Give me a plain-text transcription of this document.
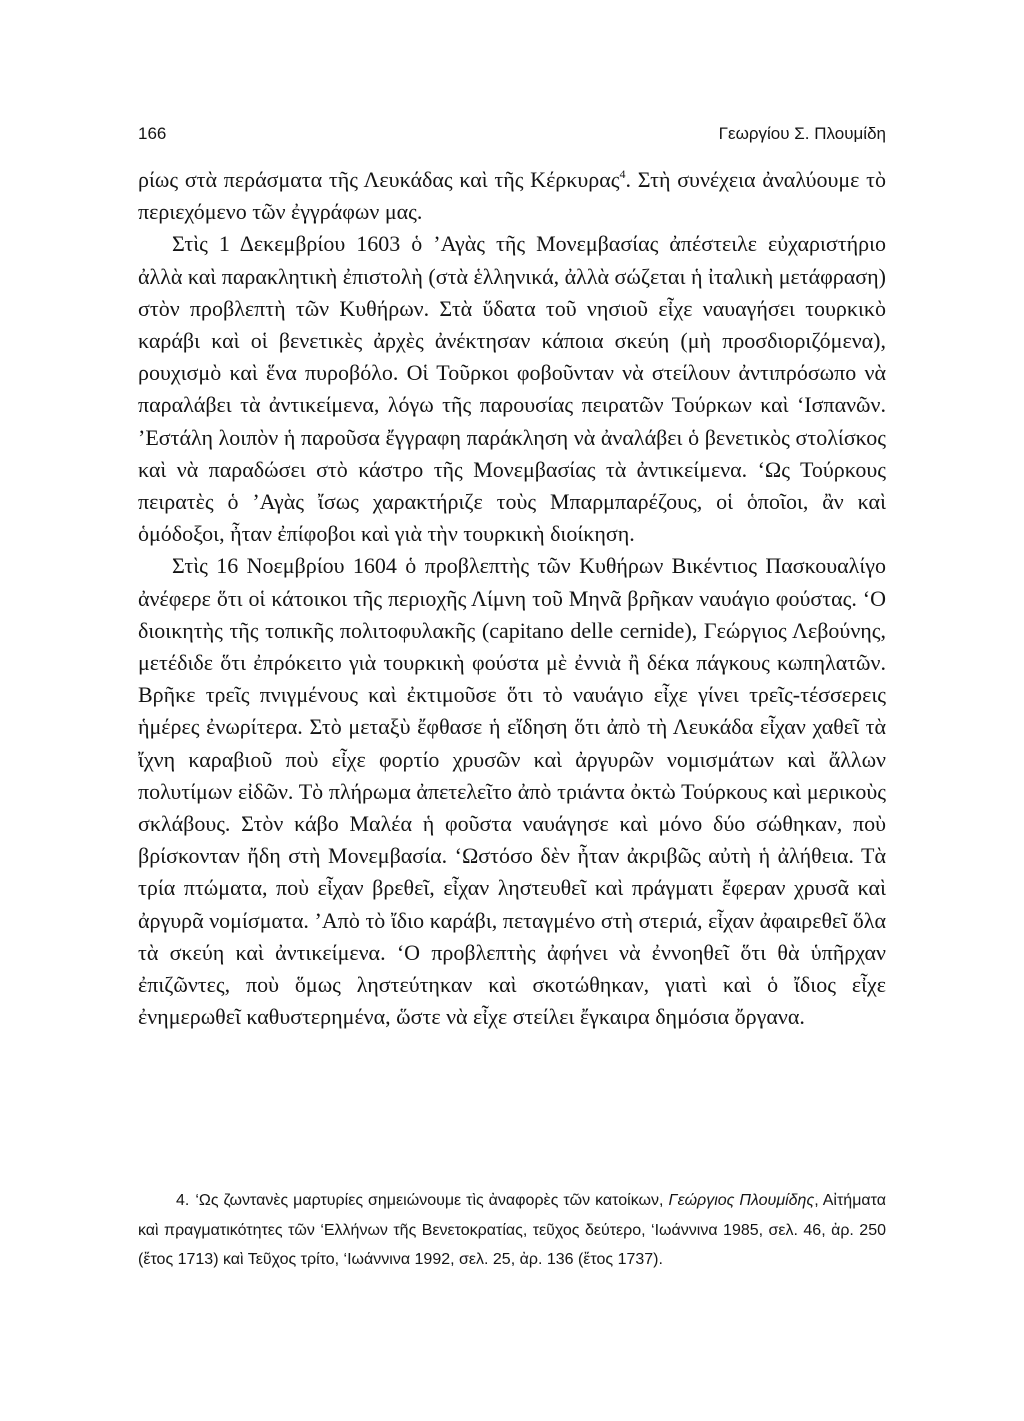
166	Γεωργίου Σ. Πλουμίδη

ρίως στὰ περάσματα τῆς Λευκάδας καὶ τῆς Κέρκυρας$^4$. Στὴ συνέχεια ἀναλύουμε τὸ περιεχόμενο τῶν ἐγγράφων μας.

Στὶς 1 Δεκεμβρίου 1603 ὁ ’Αγὰς τῆς Μονεμβασίας ἀπέστειλε εὐχαριστήριο ἀλλὰ καὶ παρακλητικὴ ἐπιστολὴ (στὰ ἑλληνικά, ἀλλὰ σώζεται ἡ ἰταλικὴ μετάφραση) στὸν προβλεπτὴ τῶν Κυθήρων. Στὰ ὕδατα τοῦ νησιοῦ εἶχε ναυαγήσει τουρκικὸ καράβι καὶ οἱ βενετικὲς ἀρχὲς ἀνέκτησαν κάποια σκεύη (μὴ προσδιοριζόμενα), ρουχισμὸ καὶ ἕνα πυροβόλο. Οἱ Τοῦρκοι φοβοῦνταν νὰ στείλουν ἀντιπρόσωπο νὰ παραλάβει τὰ ἀντικείμενα, λόγω τῆς παρουσίας πειρατῶν Τούρκων καὶ ‘Ισπανῶν. ’Εστάλη λοιπὸν ἡ παροῦσα ἔγγραφη παράκληση νὰ ἀναλάβει ὁ βενετικὸς στολίσκος καὶ νὰ παραδώσει στὸ κάστρο τῆς Μονεμβασίας τὰ ἀντικείμενα. ‘Ως Τούρκους πειρατὲς ὁ ’Αγὰς ἴσως χαρακτήριζε τοὺς Μπαρμπαρέζους, οἱ ὁποῖοι, ἂν καὶ ὁμόδοξοι, ἦταν ἐπίφοβοι καὶ γιὰ τὴν τουρκικὴ διοίκηση.

Στὶς 16 Νοεμβρίου 1604 ὁ προβλεπτὴς τῶν Κυθήρων Βικέντιος Πασκουαλίγο ἀνέφερε ὅτι οἱ κάτοικοι τῆς περιοχῆς Λίμνη τοῦ Μηνᾶ βρῆκαν ναυάγιο φούστας. ‘Ο διοικητὴς τῆς τοπικῆς πολιτοφυλακῆς (capitano delle cernide), Γεώργιος Λεβούνης, μετέδιδε ὅτι ἐπρόκειτο γιὰ τουρκικὴ φούστα μὲ ἐννιὰ ἢ δέκα πάγκους κωπηλατῶν. Βρῆκε τρεῖς πνιγμένους καὶ ἐκτιμοῦσε ὅτι τὸ ναυάγιο εἶχε γίνει τρεῖς-τέσσερεις ἡμέρες ἐνωρίτερα. Στὸ μεταξὺ ἔφθασε ἡ εἴδηση ὅτι ἀπὸ τὴ Λευκάδα εἶχαν χαθεῖ τὰ ἴχνη καραβιοῦ ποὺ εἶχε φορτίο χρυσῶν καὶ ἀργυρῶν νομισμάτων καὶ ἄλλων πολυτίμων εἰδῶν. Τὸ πλήρωμα ἀπετελεῖτο ἀπὸ τριάντα ὀκτὼ Τούρκους καὶ μερικοὺς σκλάβους. Στὸν κάβο Μαλέα ἡ φοῦστα ναυάγησε καὶ μόνο δύο σώθηκαν, ποὺ βρίσκονταν ἤδη στὴ Μονεμβασία. ‘Ωστόσο δὲν ἦταν ἀκριβῶς αὐτὴ ἡ ἀλήθεια. Τὰ τρία πτώματα, ποὺ εἶχαν βρεθεῖ, εἶχαν ληστευθεῖ καὶ πράγματι ἔφεραν χρυσᾶ καὶ ἀργυρᾶ νομίσματα. ’Απὸ τὸ ἴδιο καράβι, πεταγμένο στὴ στεριά, εἶχαν ἀφαιρεθεῖ ὅλα τὰ σκεύη καὶ ἀντικείμενα. ‘Ο προβλεπτὴς ἀφήνει νὰ ἐννοηθεῖ ὅτι θὰ ὑπῆρχαν ἐπιζῶντες, ποὺ ὅμως ληστεύτηκαν καὶ σκοτώθηκαν, γιατὶ καὶ ὁ ἴδιος εἶχε ἐνημερωθεῖ καθυστερημένα, ὥστε νὰ εἶχε στείλει ἔγκαιρα δημόσια ὄργανα.

4. ‘Ως ζωντανὲς μαρτυρίες σημειώνουμε τὶς ἀναφορὲς τῶν κατοίκων, Γεώργιος Πλουμίδης, Αἰτήματα καὶ πραγματικότητες τῶν ‘Ελλήνων τῆς Βενετοκρατίας, τεῦχος δεύτερο, ‘Ιωάννινα 1985, σελ. 46, ἀρ. 250 (ἔτος 1713) καὶ Τεῦχος τρίτο, ‘Ιωάννινα 1992, σελ. 25, ἀρ. 136 (ἔτος 1737).
